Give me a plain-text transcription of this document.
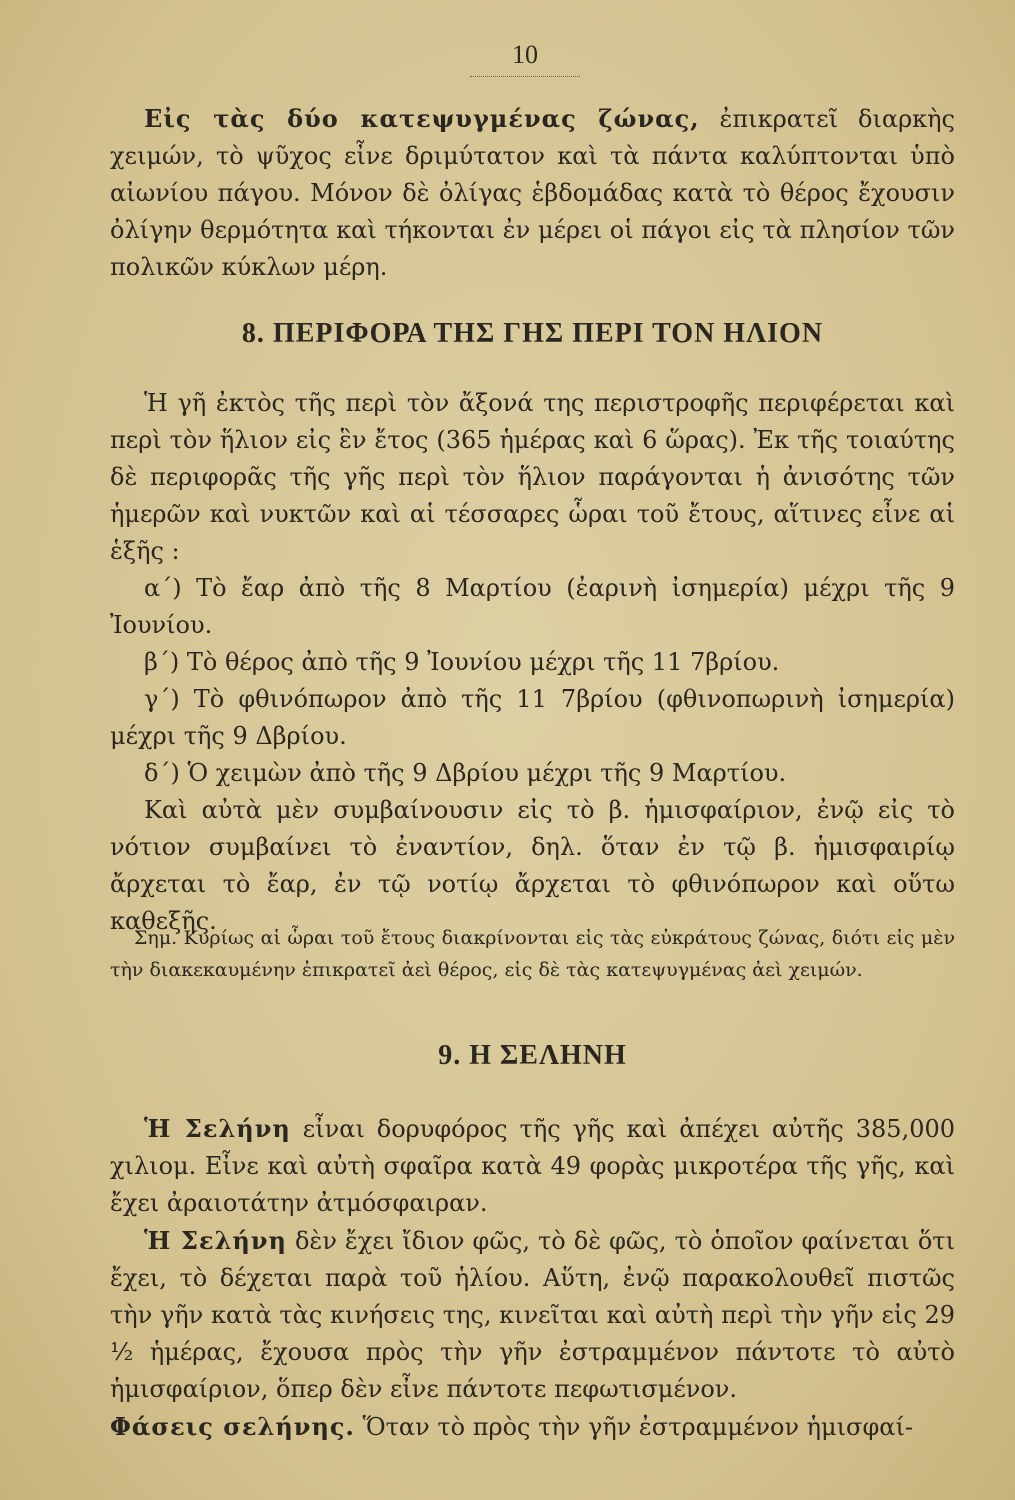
10

Εἰς τὰς δύο κατεψυγμένας ζώνας, ἐπικρατεῖ διαρκὴς χειμών, τὸ ψῦχος εἶνε δριμύτατον καὶ τὰ πάντα καλύπτονται ὑπὸ αἰωνίου πάγου. Μόνον δὲ ὀλίγας ἑβδομάδας κατὰ τὸ θέρος ἔχουσιν ὀλίγην θερμότητα καὶ τήκονται ἐν μέρει οἱ πάγοι εἰς τὰ πλησίον τῶν πολικῶν κύκλων μέρη.

8. ΠΕΡΙΦΟΡΑ ΤΗΣ ΓΗΣ ΠΕΡΙ ΤΟΝ ΗΛΙΟΝ

Ἡ γῆ ἐκτὸς τῆς περὶ τὸν ἄξονά της περιστροφῆς περιφέρεται καὶ περὶ τὸν ἥλιον εἰς ἓν ἔτος (365 ἡμέρας καὶ 6 ὥρας). Ἐκ τῆς τοιαύτης δὲ περιφορᾶς τῆς γῆς περὶ τὸν ἥλιον παράγονται ἡ ἀνισότης τῶν ἡμερῶν καὶ νυκτῶν καὶ αἱ τέσσαρες ὧραι τοῦ ἔτους, αἵτινες εἶνε αἱ ἑξῆς :

α΄) Τὸ ἔαρ ἀπὸ τῆς 8 Μαρτίου (ἐαρινὴ ἰσημερία) μέχρι τῆς 9 Ἰουνίου.

β΄) Τὸ θέρος ἀπὸ τῆς 9 Ἰουνίου μέχρι τῆς 11 7βρίου.

γ΄) Τὸ φθινόπωρον ἀπὸ τῆς 11 7βρίου (φθινοπωρινὴ ἰσημερία) μέχρι τῆς 9 Δβρίου.

δ΄) Ὁ χειμὼν ἀπὸ τῆς 9 Δβρίου μέχρι τῆς 9 Μαρτίου.

Καὶ αὐτὰ μὲν συμβαίνουσιν εἰς τὸ β. ἡμισφαίριον, ἐνῷ εἰς τὸ νότιον συμβαίνει τὸ ἐναντίον, δηλ. ὅταν ἐν τῷ β. ἡμισφαιρίῳ ἄρχεται τὸ ἔαρ, ἐν τῷ νοτίῳ ἄρχεται τὸ φθινόπωρον καὶ οὕτω καθεξῆς.

Σημ. Κυρίως αἱ ὧραι τοῦ ἔτους διακρίνονται εἰς τὰς εὐκράτους ζώνας, διότι εἰς μὲν τὴν διακεκαυμένην ἐπικρατεῖ ἀεὶ θέρος, εἰς δὲ τὰς κατεψυγμένας ἀεὶ χειμών.

9. Η ΣΕΛΗΝΗ

Ἡ Σελήνη εἶναι δορυφόρος τῆς γῆς καὶ ἀπέχει αὐτῆς 385,000 χιλιομ. Εἶνε καὶ αὐτὴ σφαῖρα κατὰ 49 φορὰς μικροτέρα τῆς γῆς, καὶ ἔχει ἀραιοτάτην ἀτμόσφαιραν.

Ἡ Σελήνη δὲν ἔχει ἴδιον φῶς, τὸ δὲ φῶς, τὸ ὁποῖον φαίνεται ὅτι ἔχει, τὸ δέχεται παρὰ τοῦ ἡλίου. Αὕτη, ἐνῷ παρακολουθεῖ πιστῶς τὴν γῆν κατὰ τὰς κινήσεις της, κινεῖται καὶ αὐτὴ περὶ τὴν γῆν εἰς 29 ½ ἡμέρας, ἔχουσα πρὸς τὴν γῆν ἐστραμμένον πάντοτε τὸ αὐτὸ ἡμισφαίριον, ὅπερ δὲν εἶνε πάντοτε πεφωτισμένον.

Φάσεις σελήνης. Ὅταν τὸ πρὸς τὴν γῆν ἐστραμμένον ἡμισφαί-
